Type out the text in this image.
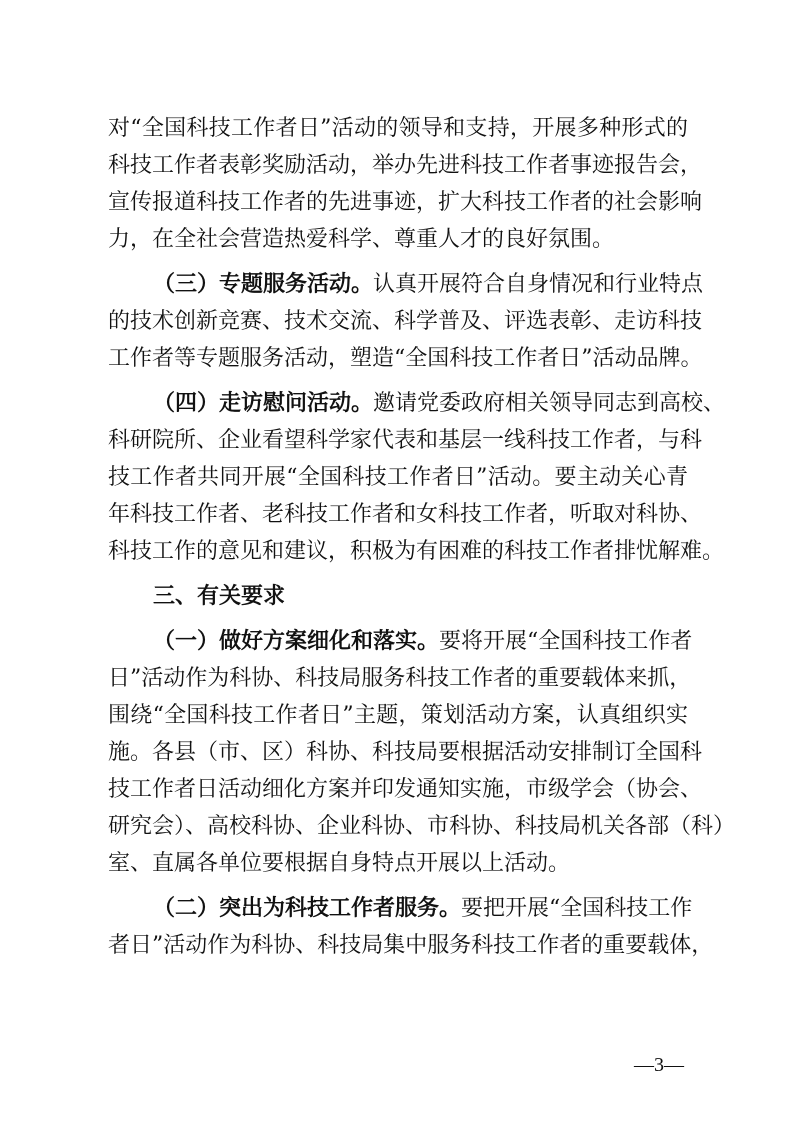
对“全国科技工作者日”活动的领导和支持，开展多种形式的
科技工作者表彰奖励活动，举办先进科技工作者事迹报告会，
宣传报道科技工作者的先进事迹，扩大科技工作者的社会影响
力，在全社会营造热爱科学、尊重人才的良好氛围。
（三）专题服务活动。认真开展符合自身情况和行业特点
的技术创新竞赛、技术交流、科学普及、评选表彰、走访科技
工作者等专题服务活动，塑造“全国科技工作者日”活动品牌。
（四）走访慰问活动。邀请党委政府相关领导同志到高校、
科研院所、企业看望科学家代表和基层一线科技工作者，与科
技工作者共同开展“全国科技工作者日”活动。要主动关心青
年科技工作者、老科技工作者和女科技工作者，听取对科协、
科技工作的意见和建议，积极为有困难的科技工作者排忧解难。
三、有关要求
（一）做好方案细化和落实。要将开展“全国科技工作者
日”活动作为科协、科技局服务科技工作者的重要载体来抓，
围绕“全国科技工作者日”主题，策划活动方案，认真组织实
施。各县（市、区）科协、科技局要根据活动安排制订全国科
技工作者日活动细化方案并印发通知实施，市级学会（协会、
研究会）、高校科协、企业科协、市科协、科技局机关各部（科）
室、直属各单位要根据自身特点开展以上活动。
（二）突出为科技工作者服务。要把开展“全国科技工作
者日”活动作为科协、科技局集中服务科技工作者的重要载体，
—3—
